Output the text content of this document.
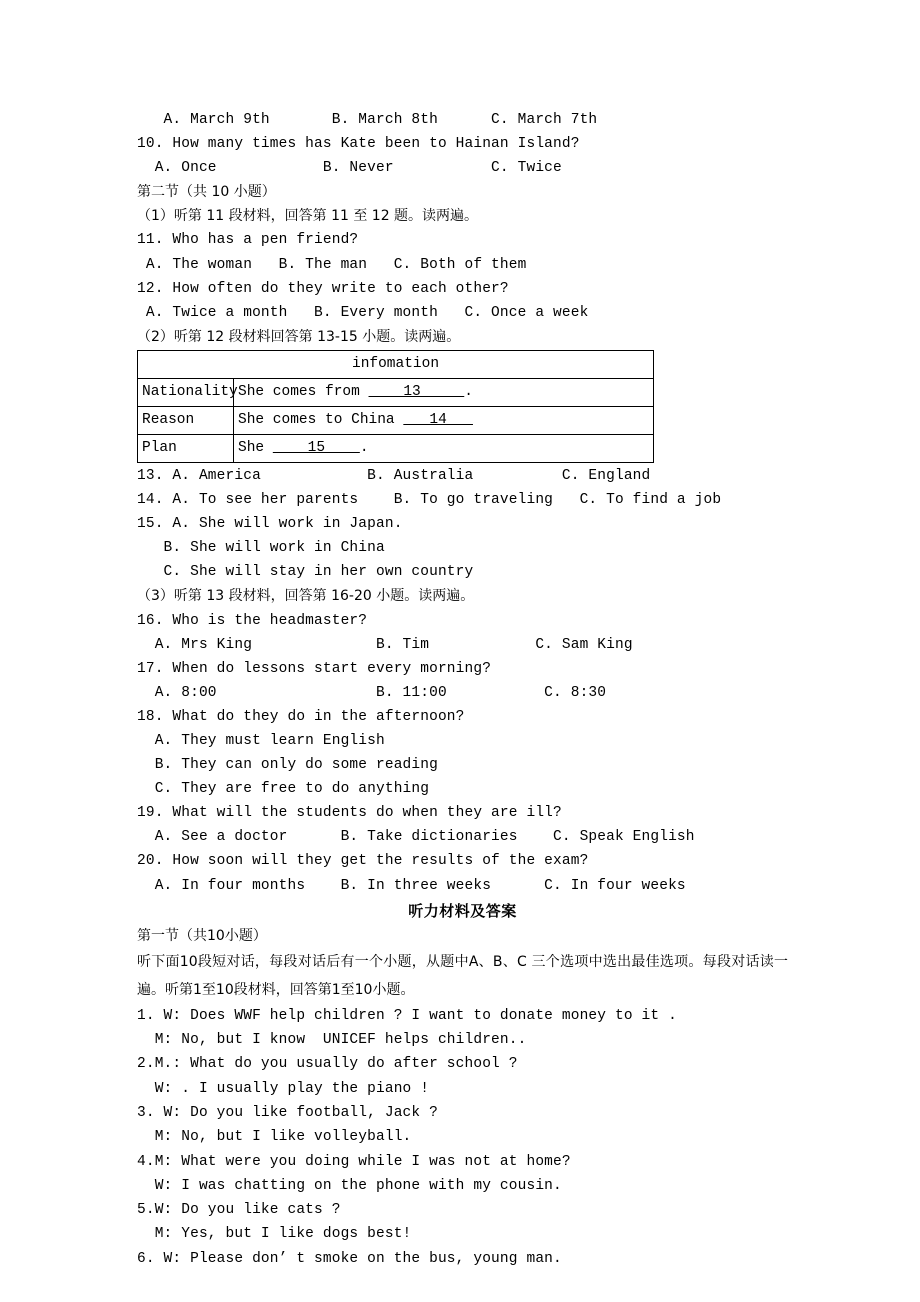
A. March 9th       B. March 8th      C. March 7th
10. How many times has Kate been to Hainan Island?
A. Once            B. Never           C. Twice
第二节（共 10 小题）
（1）听第 11 段材料，回答第 11 至 12 题。读两遍。
11. Who has a pen friend?
A. The woman   B. The man   C. Both of them
12. How often do they write to each other?
A. Twice a month   B. Every month   C. Once a week
（2）听第 12 段材料回答第 13-15 小题。读两遍。
infomation	
Nationality	She comes from     13     .
Reason	She comes to China    14
Plan	She     15    .
13. A. America            B. Australia          C. England
14. A. To see her parents    B. To go traveling   C. To find a job
15. A. She will work in Japan.
B. She will work in China
C. She will stay in her own country
（3）听第 13 段材料，回答第 16-20 小题。读两遍。
16. Who is the headmaster?
A. Mrs King              B. Tim            C. Sam King
17. When do lessons start every morning?
A. 8:00                  B. 11:00           C. 8:30
18. What do they do in the afternoon?
A. They must learn English
B. They can only do some reading
C. They are free to do anything
19. What will the students do when they are ill?
A. See a doctor      B. Take dictionaries    C. Speak English
20. How soon will they get the results of the exam?
A. In four months    B. In three weeks      C. In four weeks
听力材料及答案
第一节（共10小题）
听下面10段短对话，每段对话后有一个小题，从题中A、B、C 三个选项中选出最佳选项。每段对话读一遍。听第1至10段材料，回答第1至10小题。
1. W: Does WWF help children ? I want to donate money to it .
M: No, but I know  UNICEF helps children..
2.M.: What do you usually do after school ?
W: . I usually play the piano !
3. W: Do you like football, Jack ?
M: No, but I like volleyball.
4.M: What were you doing while I was not at home?
W: I was chatting on the phone with my cousin.
5.W: Do you like cats ?
M: Yes, but I like dogs best!
6. W: Please don’ t smoke on the bus, young man.
